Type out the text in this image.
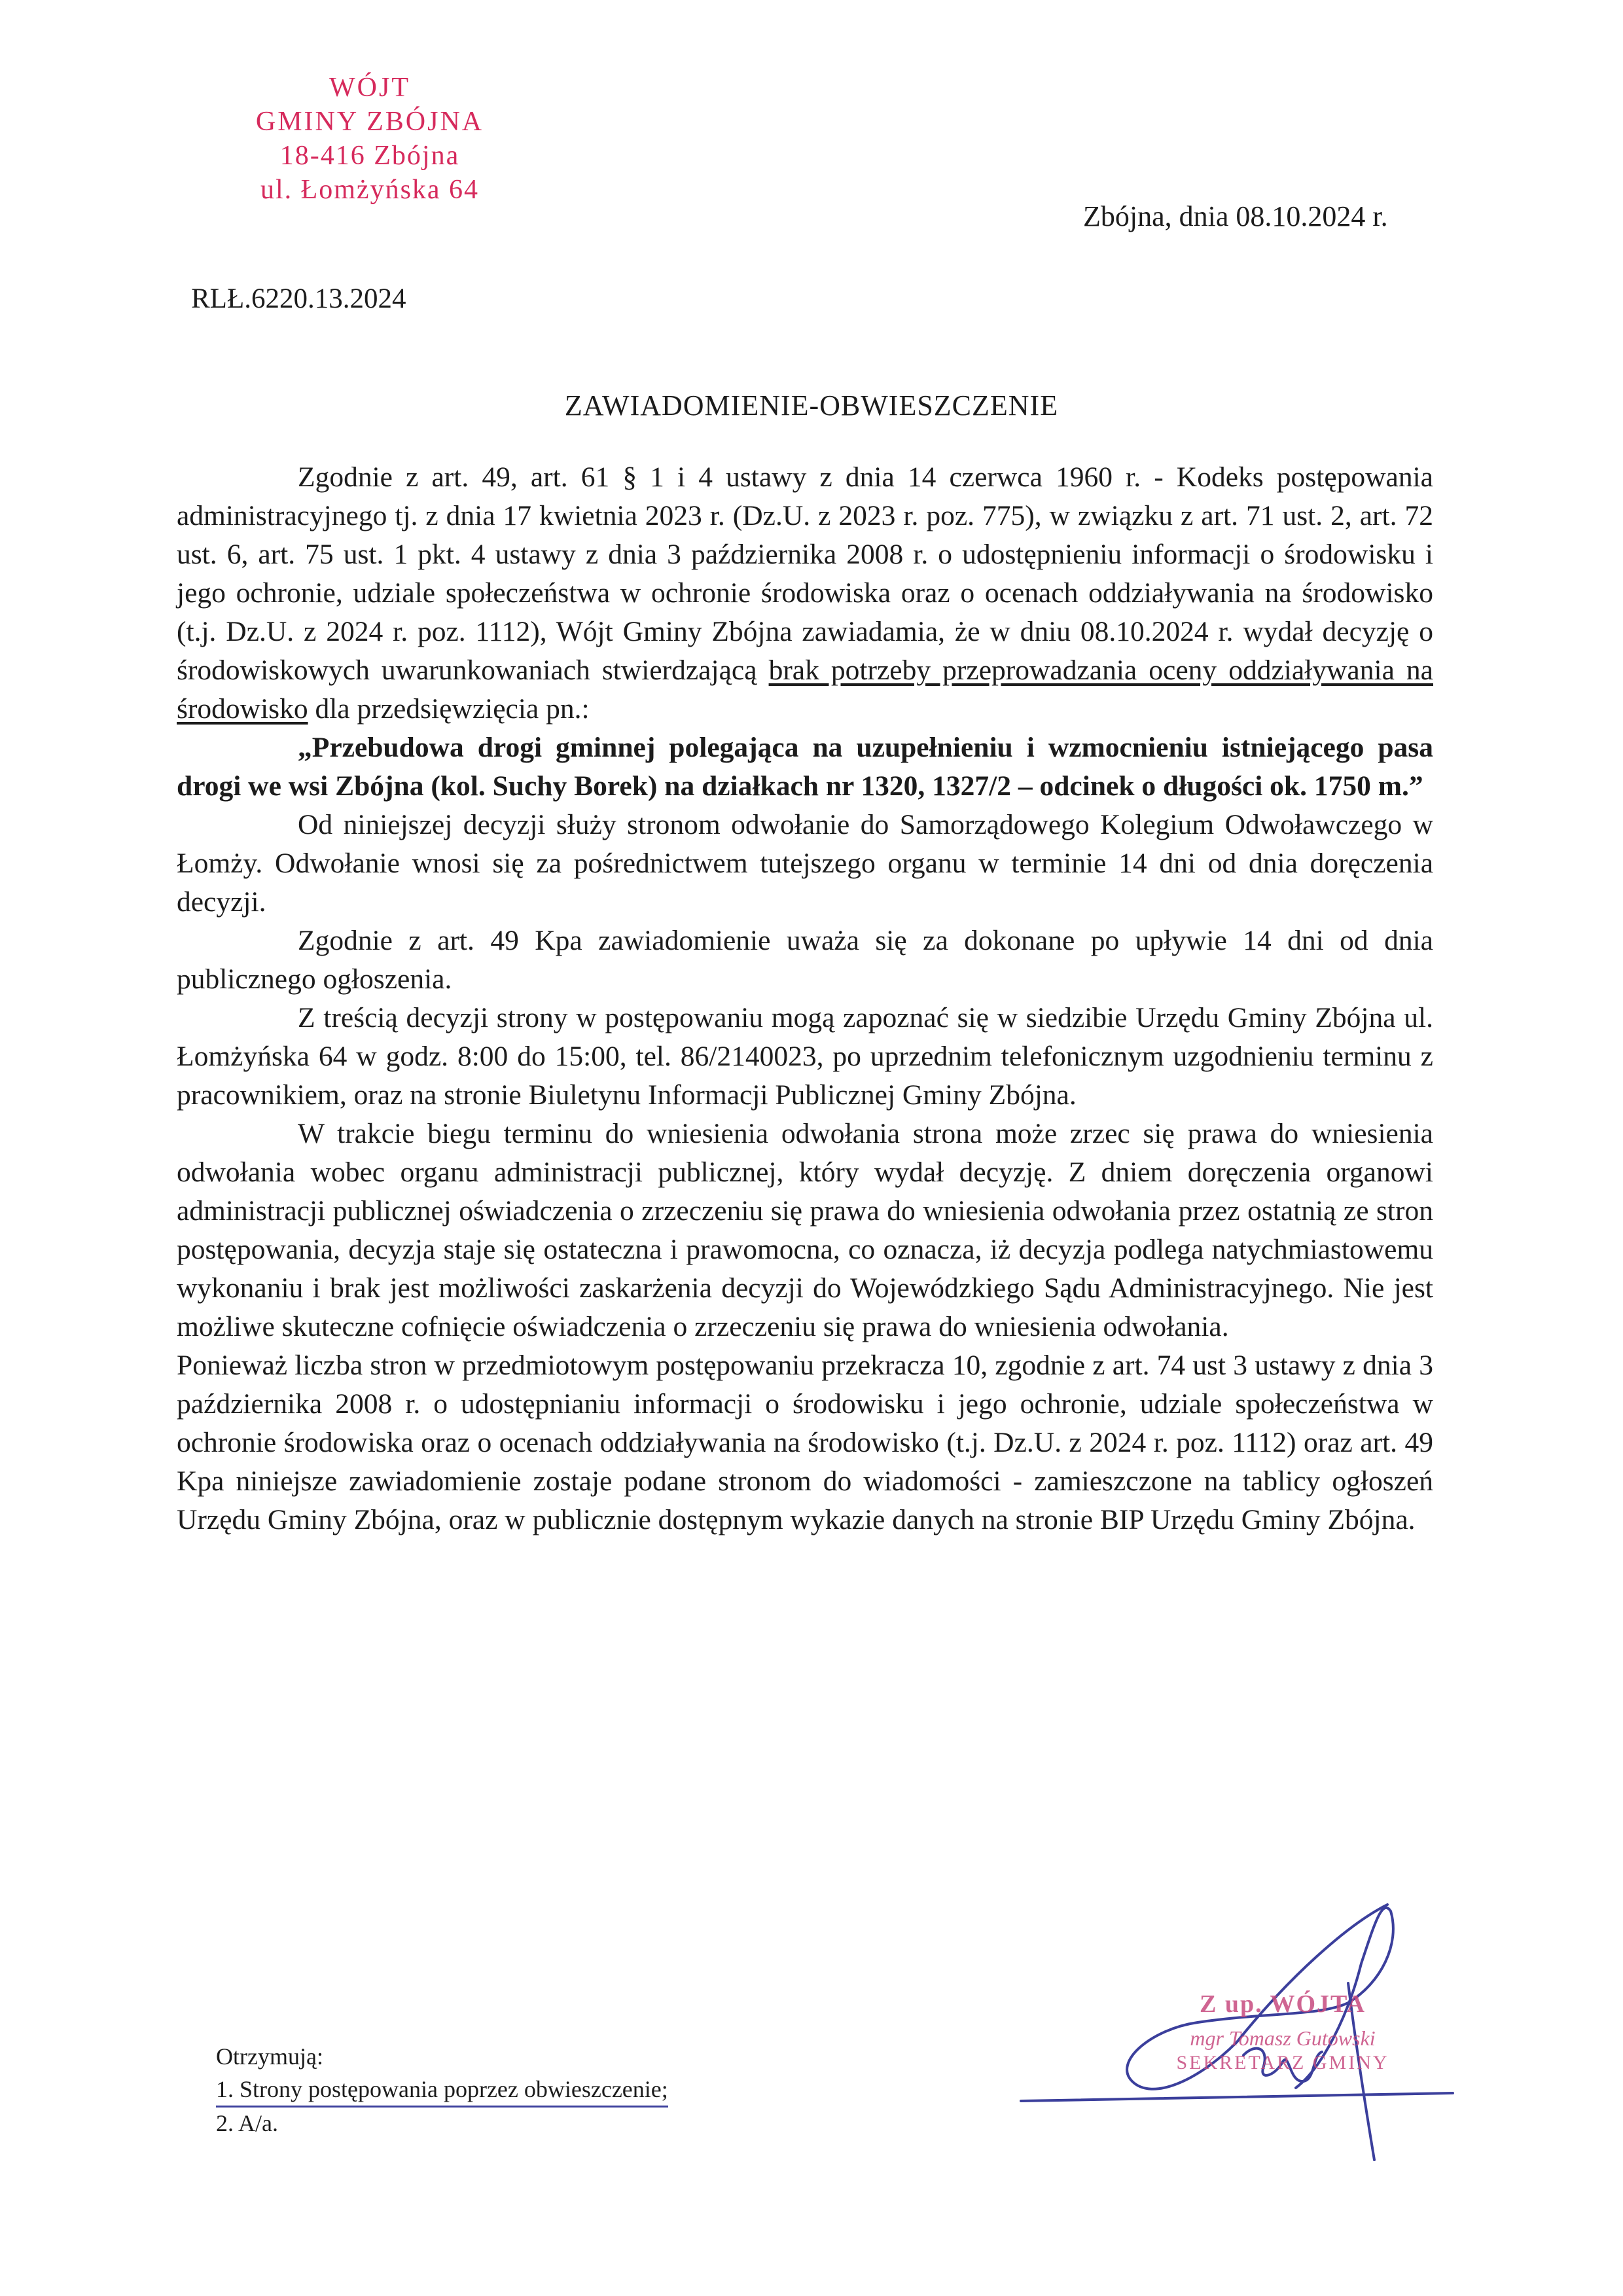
WÓJT
GMINY ZBÓJNA
18-416 Zbójna
ul. Łomżyńska 64
Zbójna, dnia 08.10.2024 r.
RLŁ.6220.13.2024
ZAWIADOMIENIE-OBWIESZCZENIE

Zgodnie z art. 49, art. 61 § 1 i 4 ustawy z dnia 14 czerwca 1960 r. - Kodeks postępowania administracyjnego tj. z dnia 17 kwietnia 2023 r. (Dz.U. z 2023 r. poz. 775), w związku z art. 71 ust. 2, art. 72 ust. 6, art. 75 ust. 1 pkt. 4 ustawy z dnia 3 października 2008 r. o udostępnieniu informacji o środowisku i jego ochronie, udziale społeczeństwa w ochronie środowiska oraz o ocenach oddziaływania na środowisko (t.j. Dz.U. z 2024 r. poz. 1112), Wójt Gminy Zbójna zawiadamia, że w dniu 08.10.2024 r. wydał decyzję o środowiskowych uwarunkowaniach stwierdzającą brak potrzeby przeprowadzania oceny oddziaływania na środowisko dla przedsięwzięcia pn.:

„Przebudowa drogi gminnej polegająca na uzupełnieniu i wzmocnieniu istniejącego pasa drogi we wsi Zbójna (kol. Suchy Borek) na działkach nr 1320, 1327/2 – odcinek o długości ok. 1750 m.”

Od niniejszej decyzji służy stronom odwołanie do Samorządowego Kolegium Odwoławczego w Łomży. Odwołanie wnosi się za pośrednictwem tutejszego organu w terminie 14 dni od dnia doręczenia decyzji.

Zgodnie z art. 49 Kpa zawiadomienie uważa się za dokonane po upływie 14 dni od dnia publicznego ogłoszenia.

Z treścią decyzji strony w postępowaniu mogą zapoznać się w siedzibie Urzędu Gminy Zbójna ul. Łomżyńska 64 w godz. 8:00 do 15:00, tel. 86/2140023, po uprzednim telefonicznym uzgodnieniu terminu z pracownikiem, oraz na stronie Biuletynu Informacji Publicznej Gminy Zbójna.

W trakcie biegu terminu do wniesienia odwołania strona może zrzec się prawa do wniesienia odwołania wobec organu administracji publicznej, który wydał decyzję. Z dniem doręczenia organowi administracji publicznej oświadczenia o zrzeczeniu się prawa do wniesienia odwołania przez ostatnią ze stron postępowania, decyzja staje się ostateczna i prawomocna, co oznacza, iż decyzja podlega natychmiastowemu wykonaniu i brak jest możliwości zaskarżenia decyzji do Wojewódzkiego Sądu Administracyjnego. Nie jest możliwe skuteczne cofnięcie oświadczenia o zrzeczeniu się prawa do wniesienia odwołania.

Ponieważ liczba stron w przedmiotowym postępowaniu przekracza 10, zgodnie z art. 74 ust 3 ustawy z dnia 3 października 2008 r. o udostępnianiu informacji o środowisku i jego ochronie, udziale społeczeństwa w ochronie środowiska oraz o ocenach oddziaływania na środowisko (t.j. Dz.U. z 2024 r. poz. 1112) oraz art. 49 Kpa niniejsze zawiadomienie zostaje podane stronom do wiadomości - zamieszczone na tablicy ogłoszeń Urzędu Gminy Zbójna, oraz w publicznie dostępnym wykazie danych na stronie BIP Urzędu Gminy Zbójna.

Z up. WÓJTA
mgr Tomasz Gutowski
SEKRETARZ GMINY
Otrzymują:
1. Strony postępowania poprzez obwieszczenie;
2. A/a.
